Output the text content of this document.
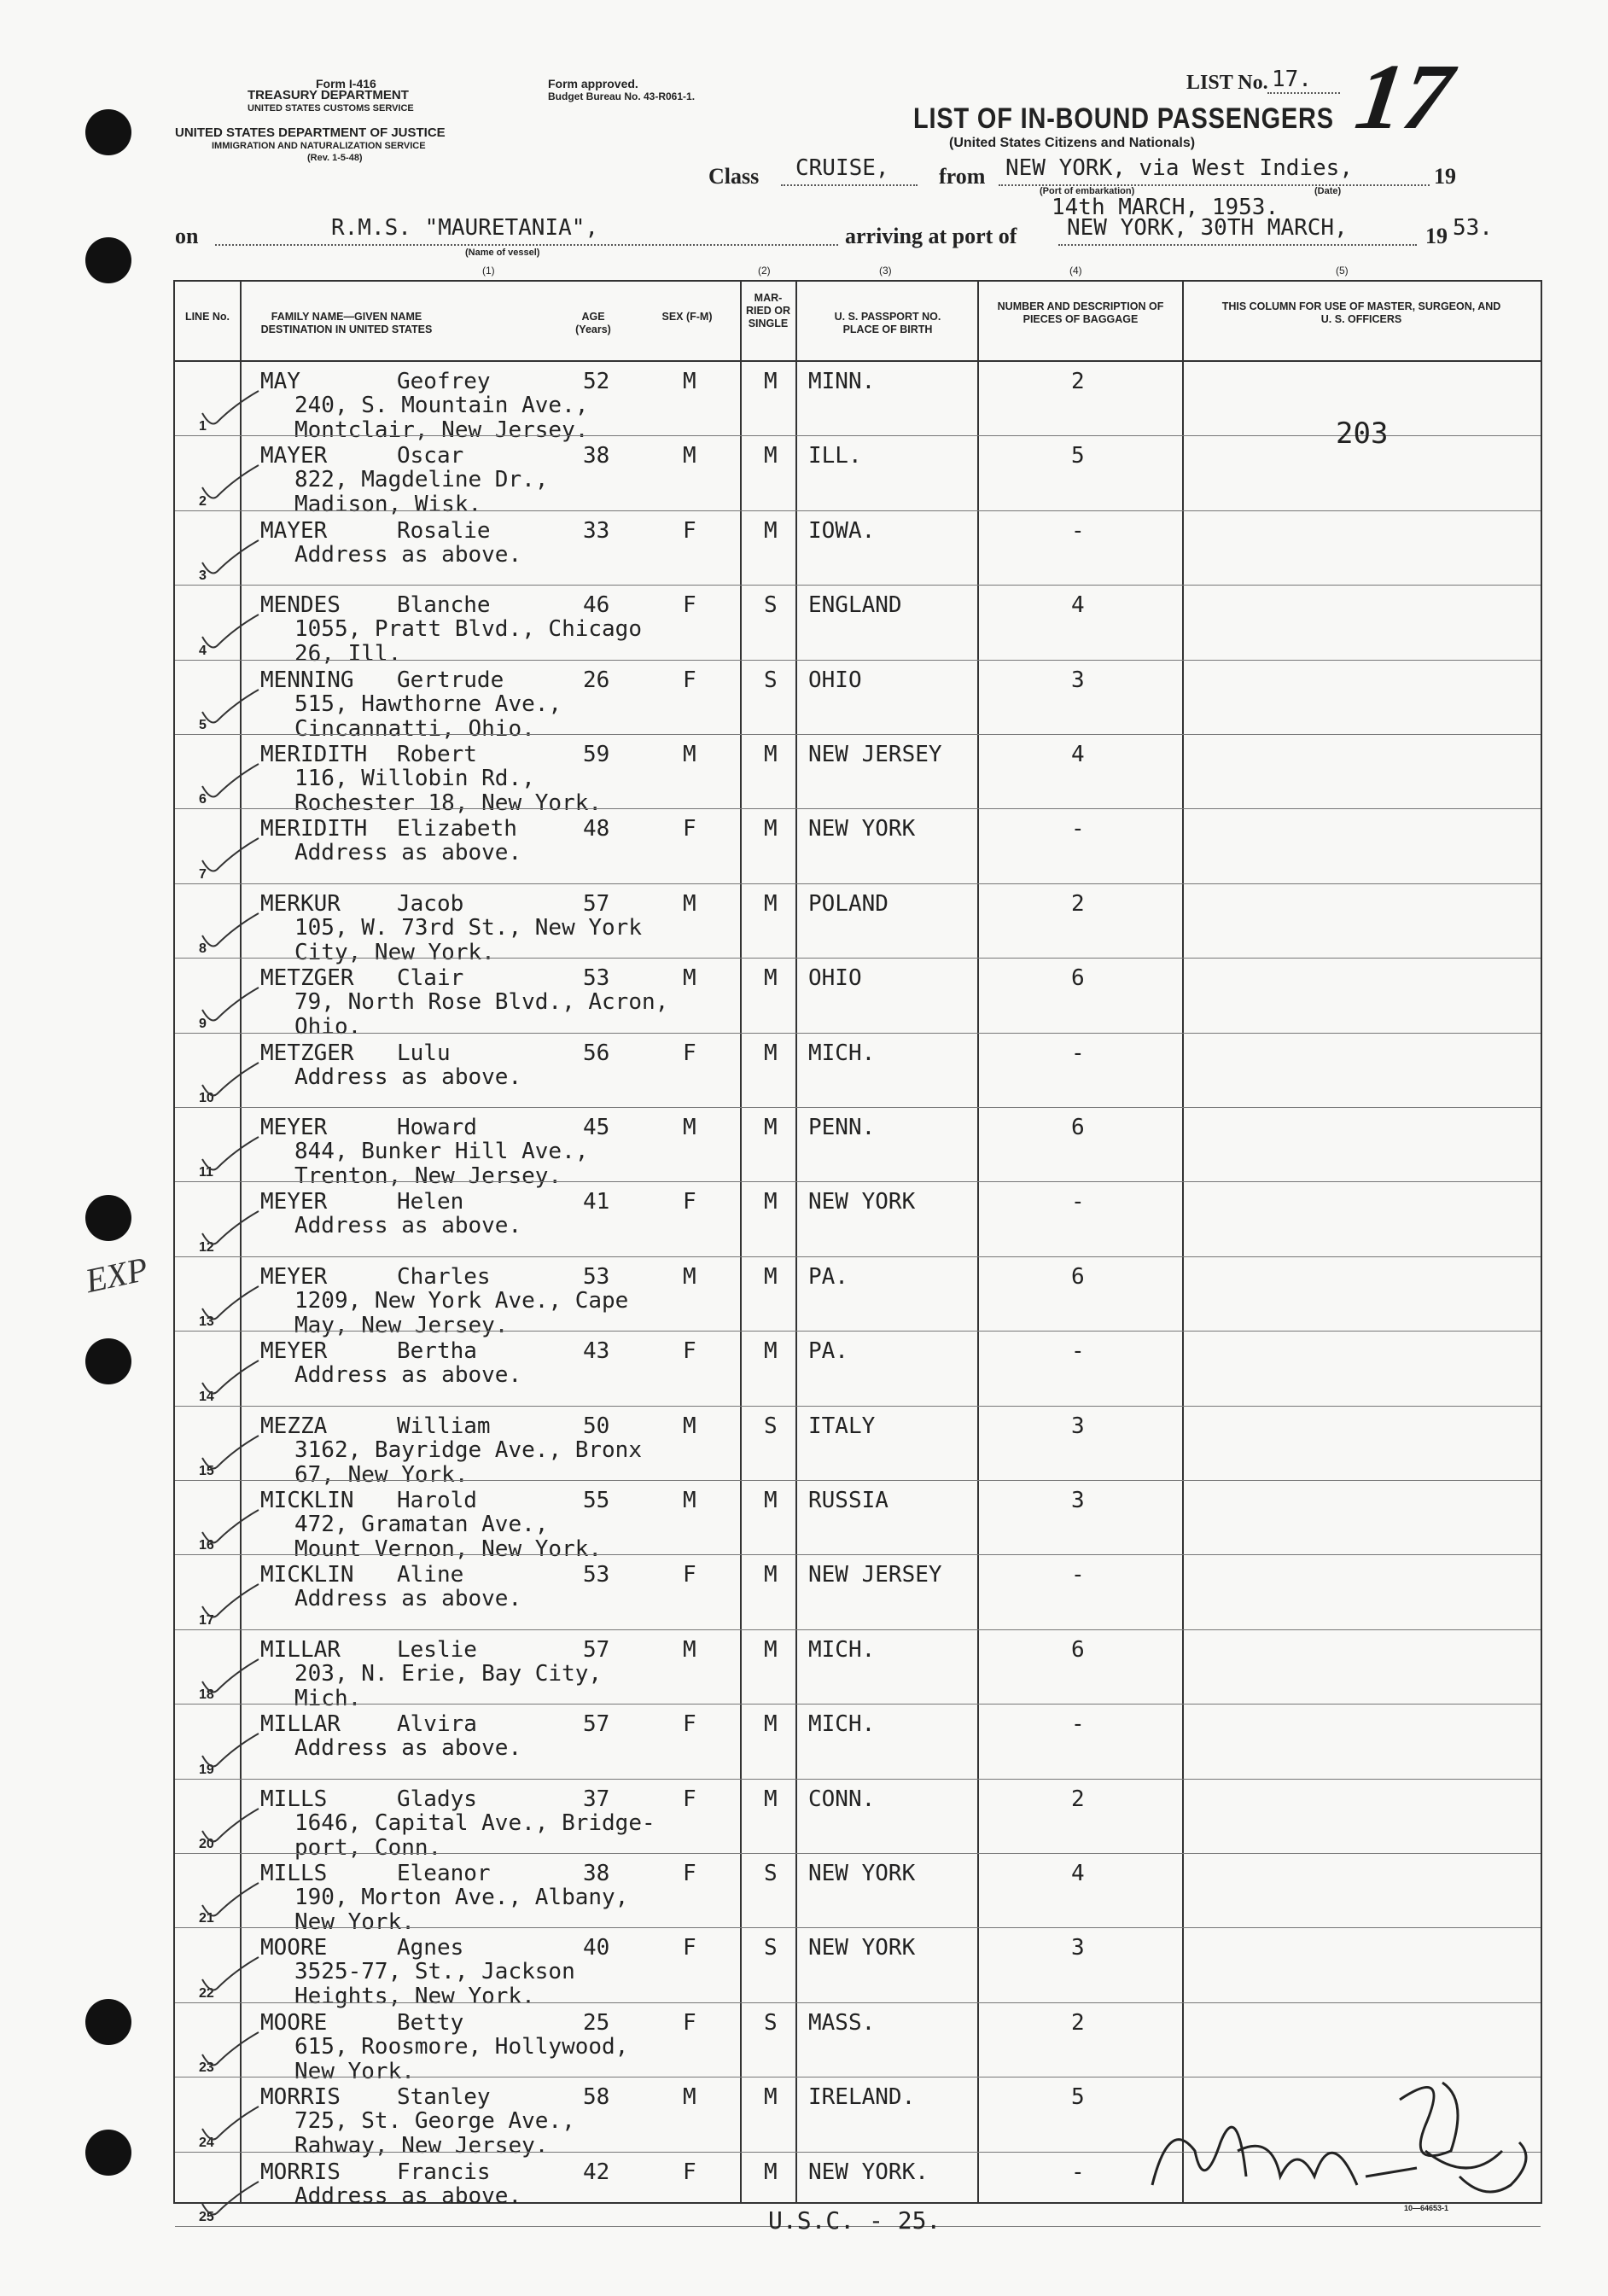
Form I-416
TREASURY DEPARTMENT
UNITED STATES CUSTOMS SERVICE
UNITED STATES DEPARTMENT OF JUSTICE
IMMIGRATION AND NATURALIZATION SERVICE
(Rev. 1-5-48)
Form approved.
Budget Bureau No. 43-R061-1.
LIST OF IN-BOUND PASSENGERS
(United States Citizens and Nationals)
LIST No. 17. 17
Class CRUISE, from NEW YORK, via West Indies,	19
(Port of embarkation)	(Date)
14th MARCH, 1953.
on	R.M.S. "MAURETANIA",
(Name of vessel)
arriving at port of NEW YORK, 30TH MARCH,	19 53.
(1)	(2)	(3)	(4)	(5)
LINE No.	FAMILY NAME—GIVEN NAME DESTINATION IN UNITED STATES
AGE (Years)
SEX (F-M)
MAR- RIED OR SINGLE
U. S. PASSPORT NO. PLACE OF BIRTH
NUMBER AND DESCRIPTION OF PIECES OF BAGGAGE
THIS COLUMN FOR USE OF MASTER, SURGEON, AND U. S. OFFICERS
1
MAY	Geofrey	52	M	M MINN.	2
240, S. Mountain Ave.,
Montclair, New Jersey.
2
MAYER	Oscar	38	M	M ILL.	5
822, Magdeline Dr.,
Madison, Wisk.
3
MAYER	Rosalie	33	F	M IOWA.	-
Address as above.
4
MENDES	Blanche	46	F	S ENGLAND	4
1055, Pratt Blvd., Chicago
26, Ill.
5
MENNING Gertrude	26	F	S OHIO	3
515, Hawthorne Ave.,
Cincannatti, Ohio.
6
MERIDITH Robert	59	M	M NEW JERSEY	4
116, Willobin Rd.,
Rochester 18, New York.
7
MERIDITH Elizabeth	48	F	M NEW YORK	-
Address as above.
8
MERKUR	Jacob	57	M	M POLAND	2
105, W. 73rd St., New York
City, New York.
9
METZGER Clair	53	M	M OHIO	6
79, North Rose Blvd., Acron,
Ohio.
10
METZGER Lulu	56	F	M MICH.	-
Address as above.
11
MEYER	Howard	45	M	M PENN.	6
844, Bunker Hill Ave.,
Trenton, New Jersey.
12
MEYER	Helen	41	F	M NEW YORK	-
Address as above.
13
MEYER	Charles	53	M	M PA.	6
1209, New York Ave., Cape
May, New Jersey.
14
MEYER	Bertha	43	F	M PA.	-
Address as above.
15
MEZZA	William	50	M	S ITALY	3
3162, Bayridge Ave., Bronx
67, New York.
16
MICKLIN Harold	55	M	M RUSSIA	3
472, Gramatan Ave.,
Mount Vernon, New York.
17
MICKLIN Aline	53	F	M NEW JERSEY	-
Address as above.
18
MILLAR	Leslie	57	M	M MICH.	6
203, N. Erie, Bay City,
Mich.
19
MILLAR	Alvira	57	F	M MICH.	-
Address as above.
20
MILLS	Gladys	37	F	M CONN.	2
1646, Capital Ave., Bridge-
port, Conn.
21
MILLS	Eleanor	38	F	S NEW YORK	4
190, Morton Ave., Albany,
New York.
22
MOORE	Agnes	40	F	S NEW YORK	3
3525-77, St., Jackson
Heights, New York.
23
MOORE	Betty	25	F	S MASS.	2
615, Roosmore, Hollywood,
New York.
24
MORRIS	Stanley	58	M	M IRELAND.	5
725, St. George Ave.,
Rahway, New Jersey.
25
MORRIS	Francis	42	F	M NEW YORK.	-
Address as above.
203
EXP
U.S.C. - 25.	10—64653-1
